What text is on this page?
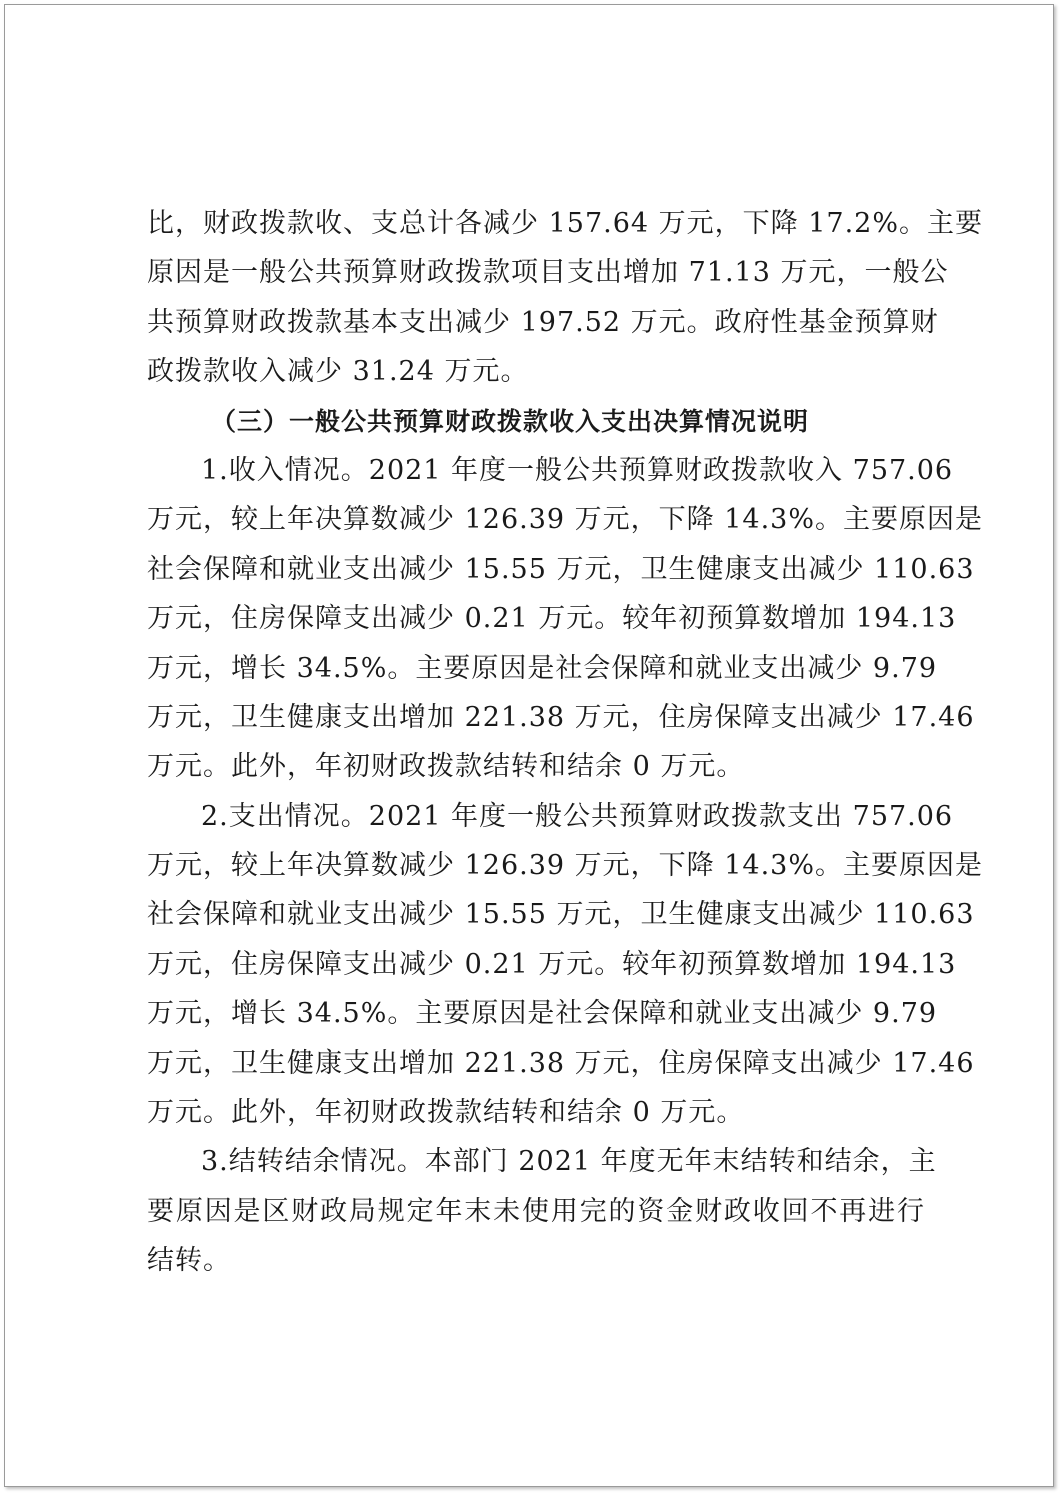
比，财政拨款收、支总计各减少 157.64 万元，下降 17.2%。主要
原因是一般公共预算财政拨款项目支出增加 71.13 万元，一般公
共预算财政拨款基本支出减少 197.52 万元。政府性基金预算财
政拨款收入减少 31.24 万元。
（三）一般公共预算财政拨款收入支出决算情况说明
1.收入情况。2021 年度一般公共预算财政拨款收入 757.06
万元，较上年决算数减少 126.39 万元，下降 14.3%。主要原因是
社会保障和就业支出减少 15.55 万元，卫生健康支出减少 110.63
万元，住房保障支出减少 0.21 万元。较年初预算数增加 194.13
万元，增长 34.5%。主要原因是社会保障和就业支出减少 9.79
万元，卫生健康支出增加 221.38 万元，住房保障支出减少 17.46
万元。此外，年初财政拨款结转和结余 0 万元。
2.支出情况。2021 年度一般公共预算财政拨款支出 757.06
万元，较上年决算数减少 126.39 万元，下降 14.3%。主要原因是
社会保障和就业支出减少 15.55 万元，卫生健康支出减少 110.63
万元，住房保障支出减少 0.21 万元。较年初预算数增加 194.13
万元，增长 34.5%。主要原因是社会保障和就业支出减少 9.79
万元，卫生健康支出增加 221.38 万元，住房保障支出减少 17.46
万元。此外，年初财政拨款结转和结余 0 万元。
3.结转结余情况。本部门 2021 年度无年末结转和结余，主
要原因是区财政局规定年末未使用完的资金财政收回不再进行
结转。
